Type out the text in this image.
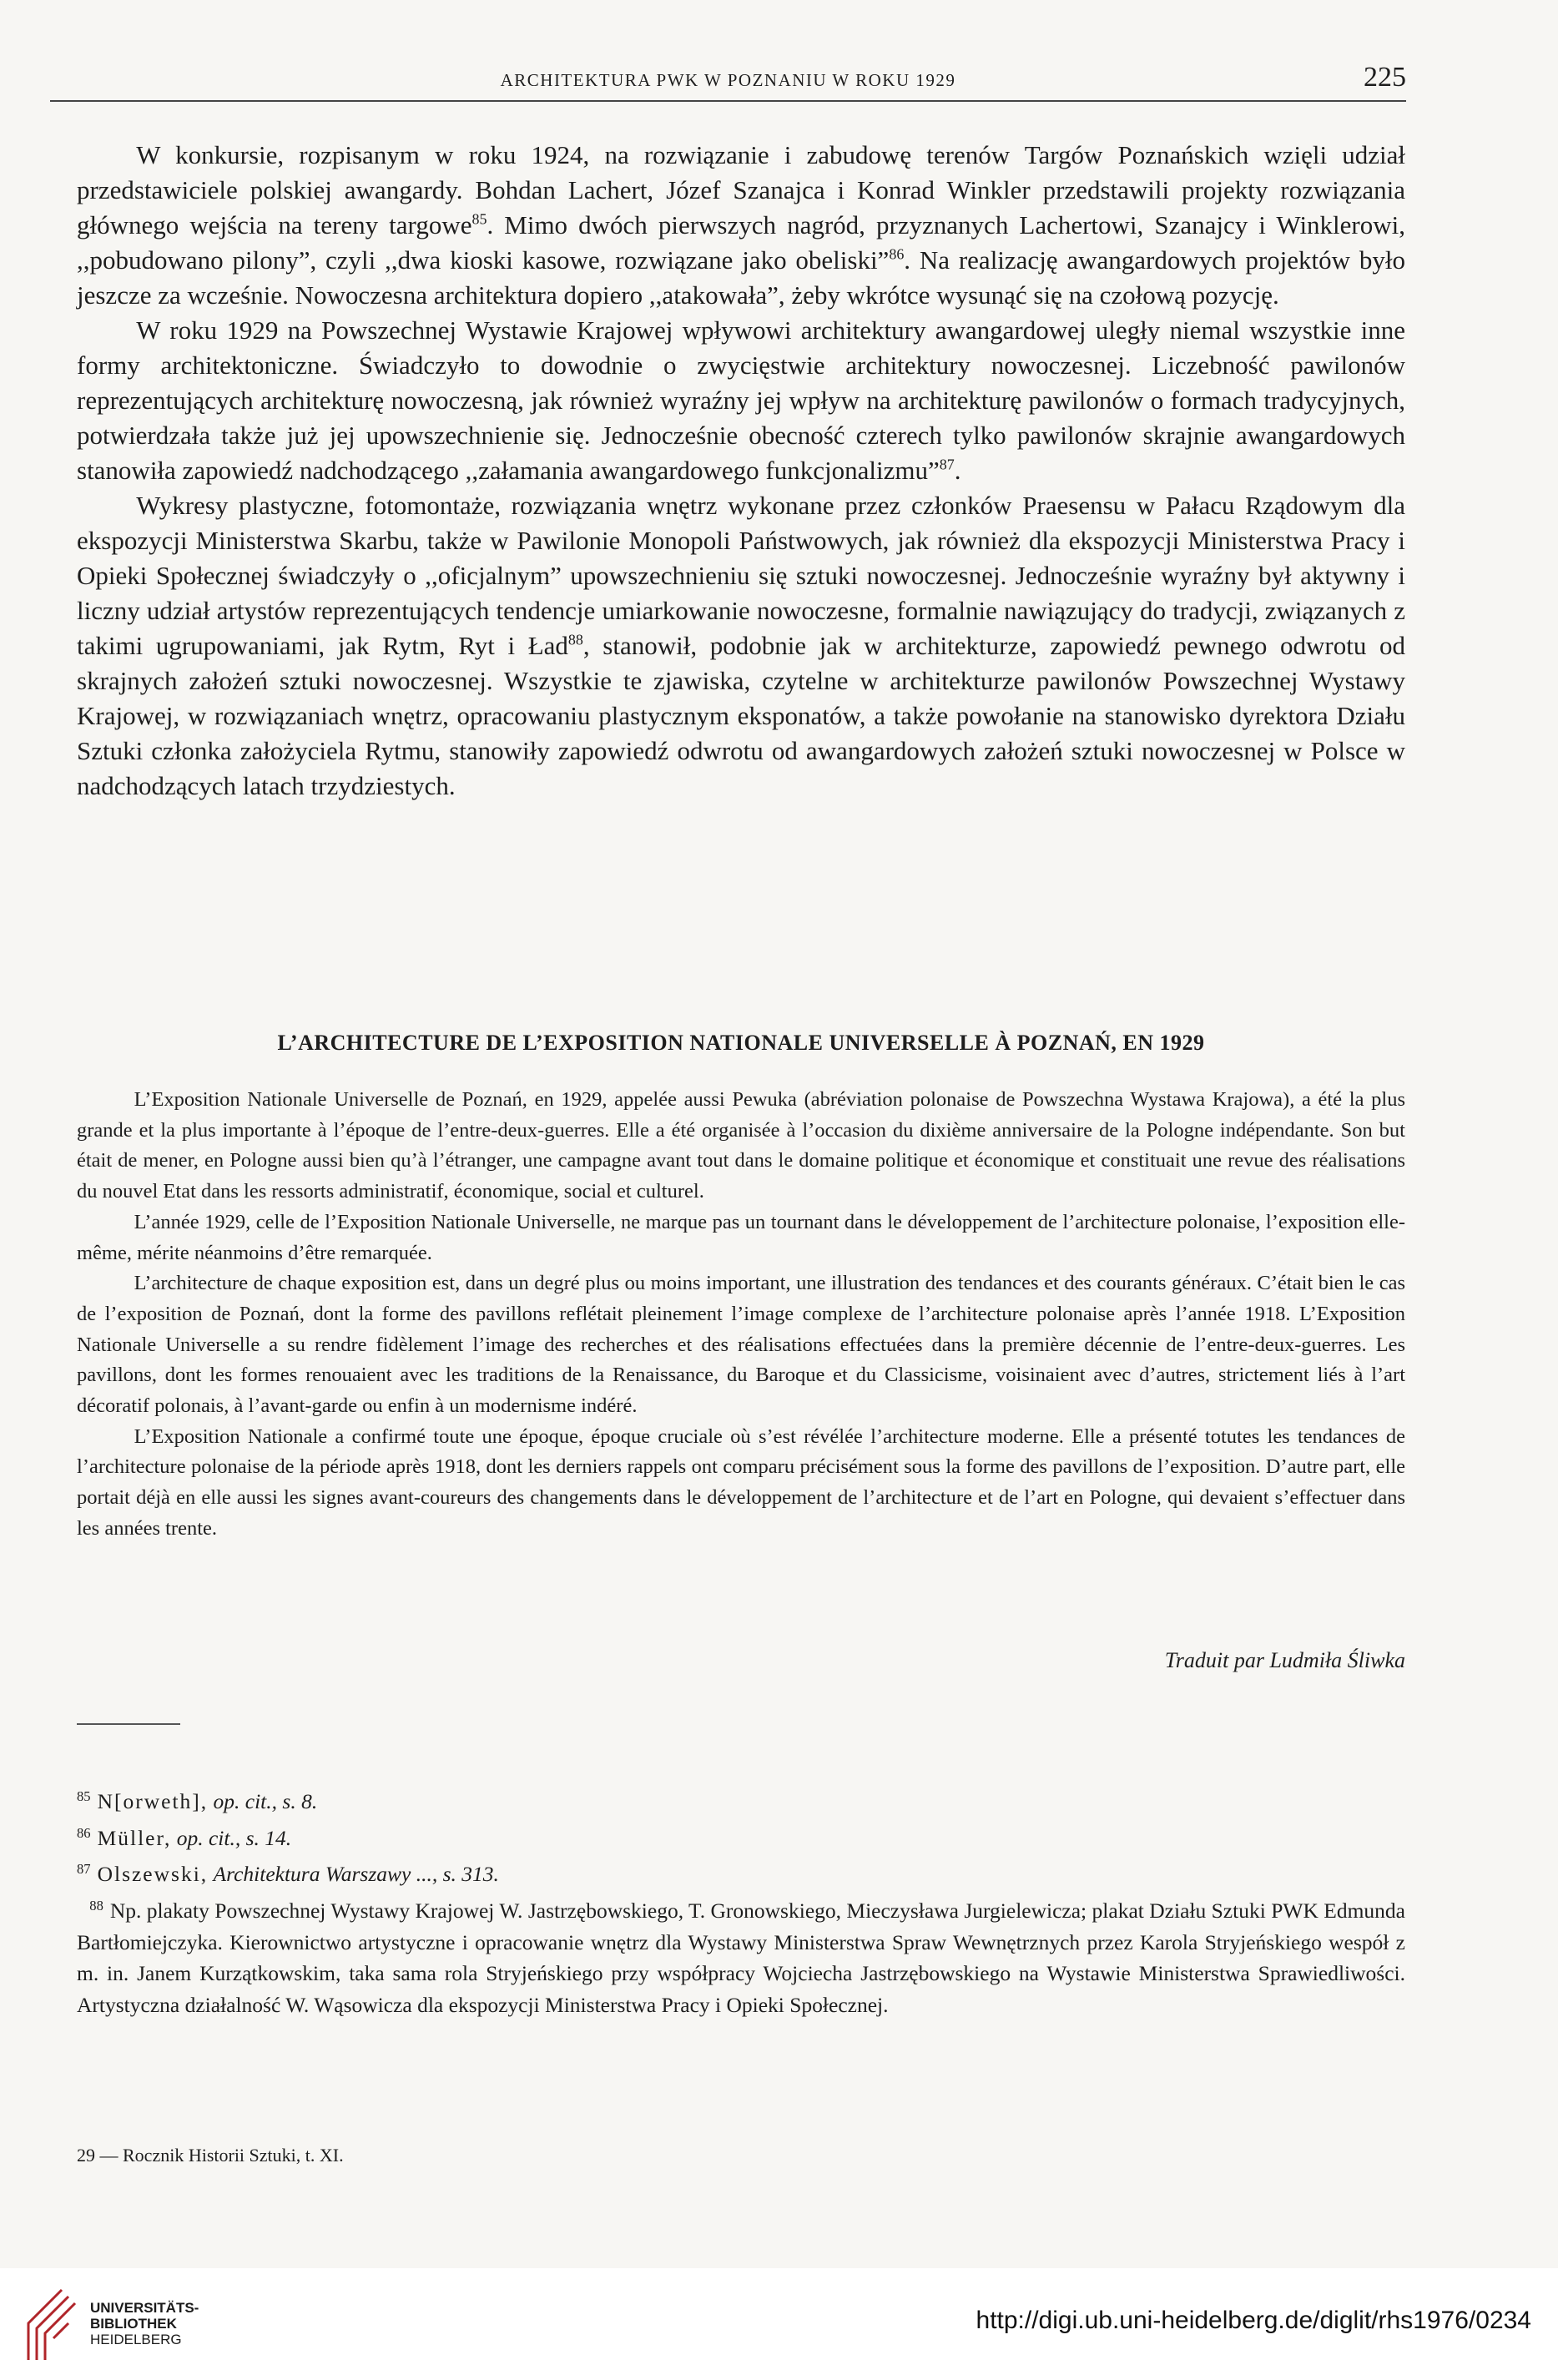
ARCHITEKTURA PWK W POZNANIU W ROKU 1929	225

W konkursie, rozpisanym w roku 1924, na rozwiązanie i zabudowę terenów Targów Poznańskich wzięli udział przedstawiciele polskiej awangardy. Bohdan Lachert, Józef Szanajca i Konrad Winkler przedstawili projekty rozwiązania głównego wejścia na tereny targowe$^{85}$. Mimo dwóch pierwszych nagród, przyznanych Lachertowi, Szanajcy i Winklerowi, ,,pobudowano pilony”, czyli ,,dwa kioski kasowe, rozwiązane jako obeliski”$^{86}$. Na realizację awangardowych projektów było jeszcze za wcześnie. Nowoczesna architektura dopiero ,,atakowała”, żeby wkrótce wysunąć się na czołową pozycję.

W roku 1929 na Powszechnej Wystawie Krajowej wpływowi architektury awangardowej uległy niemal wszystkie inne formy architektoniczne. Świadczyło to dowodnie o zwycięstwie architektury nowoczesnej. Liczebność pawilonów reprezentujących architekturę nowoczesną, jak również wyraźny jej wpływ na architekturę pawilonów o formach tradycyjnych, potwierdzała także już jej upowszechnienie się. Jednocześnie obecność czterech tylko pawilonów skrajnie awangardowych stanowiła zapowiedź nadchodzącego ,,załamania awangardowego funkcjonalizmu”$^{87}$.

Wykresy plastyczne, fotomontaże, rozwiązania wnętrz wykonane przez członków Praesensu w Pałacu Rządowym dla ekspozycji Ministerstwa Skarbu, także w Pawilonie Monopoli Państwowych, jak również dla ekspozycji Ministerstwa Pracy i Opieki Społecznej świadczyły o ,,oficjalnym” upowszechnieniu się sztuki nowoczesnej. Jednocześnie wyraźny był aktywny i liczny udział artystów reprezentujących tendencje umiarkowanie nowoczesne, formalnie nawiązujący do tradycji, związanych z takimi ugrupowaniami, jak Rytm, Ryt i Ład$^{88}$, stanowił, podobnie jak w architekturze, zapowiedź pewnego odwrotu od skrajnych założeń sztuki nowoczesnej. Wszystkie te zjawiska, czytelne w architekturze pawilonów Powszechnej Wystawy Krajowej, w rozwiązaniach wnętrz, opracowaniu plastycznym eksponatów, a także powołanie na stanowisko dyrektora Działu Sztuki członka założyciela Rytmu, stanowiły zapowiedź odwrotu od awangardowych założeń sztuki nowoczesnej w Polsce w nadchodzących latach trzydziestych.

L’ARCHITECTURE DE L’EXPOSITION NATIONALE UNIVERSELLE À POZNAŃ, EN 1929

L’Exposition Nationale Universelle de Poznań, en 1929, appelée aussi Pewuka (abréviation polonaise de Powszechna Wystawa Krajowa), a été la plus grande et la plus importante à l’époque de l’entre-deux-guerres. Elle a été organisée à l’occasion du dixième anniversaire de la Pologne indépendante. Son but était de mener, en Pologne aussi bien qu’à l’étranger, une campagne avant tout dans le domaine politique et économique et constituait une revue des réalisations du nouvel Etat dans les ressorts administratif, économique, social et culturel.

L’année 1929, celle de l’Exposition Nationale Universelle, ne marque pas un tournant dans le développement de l’architecture polonaise, l’exposition elle-même, mérite néanmoins d’être remarquée.

L’architecture de chaque exposition est, dans un degré plus ou moins important, une illustration des tendances et des courants généraux. C’était bien le cas de l’exposition de Poznań, dont la forme des pavillons reflétait pleinement l’image complexe de l’architecture polonaise après l’année 1918. L’Exposition Nationale Universelle a su rendre fidèlement l’image des recherches et des réalisations effectuées dans la première décennie de l’entre-deux-guerres. Les pavillons, dont les formes renouaient avec les traditions de la Renaissance, du Baroque et du Classicisme, voisinaient avec d’autres, strictement liés à l’art décoratif polonais, à l’avant-garde ou enfin à un modernisme indéré.

L’Exposition Nationale a confirmé toute une époque, époque cruciale où s’est révélée l’architecture moderne. Elle a présenté totutes les tendances de l’architecture polonaise de la période après 1918, dont les derniers rappels ont comparu précisément sous la forme des pavillons de l’exposition. D’autre part, elle portait déjà en elle aussi les signes avant-coureurs des changements dans le développement de l’architecture et de l’art en Pologne, qui devaient s’effectuer dans les années trente.

Traduit par Ludmiła Śliwka

$^{85}$ N[orweth], op. cit., s. 8.

$^{86}$ Müller, op. cit., s. 14.

$^{87}$ Olszewski, Architektura Warszawy ..., s. 313.

$^{88}$ Np. plakaty Powszechnej Wystawy Krajowej W. Jastrzębowskiego, T. Gronowskiego, Mieczysława Jurgielewicza; plakat Działu Sztuki PWK Edmunda Bartłomiejczyka. Kierownictwo artystyczne i opracowanie wnętrz dla Wystawy Ministerstwa Spraw Wewnętrznych przez Karola Stryjeńskiego wespół z m. in. Janem Kurzątkowskim, taka sama rola Stryjeńskiego przy współpracy Wojciecha Jastrzębowskiego na Wystawie Ministerstwa Sprawiedliwości. Artystyczna działalność W. Wąsowicza dla ekspozycji Ministerstwa Pracy i Opieki Społecznej.

29 — Rocznik Historii Sztuki, t. XI.
UNIVERSITÄTS-
BIBLIOTHEK
HEIDELBERG
http://digi.ub.uni-heidelberg.de/diglit/rhs1976/0234
